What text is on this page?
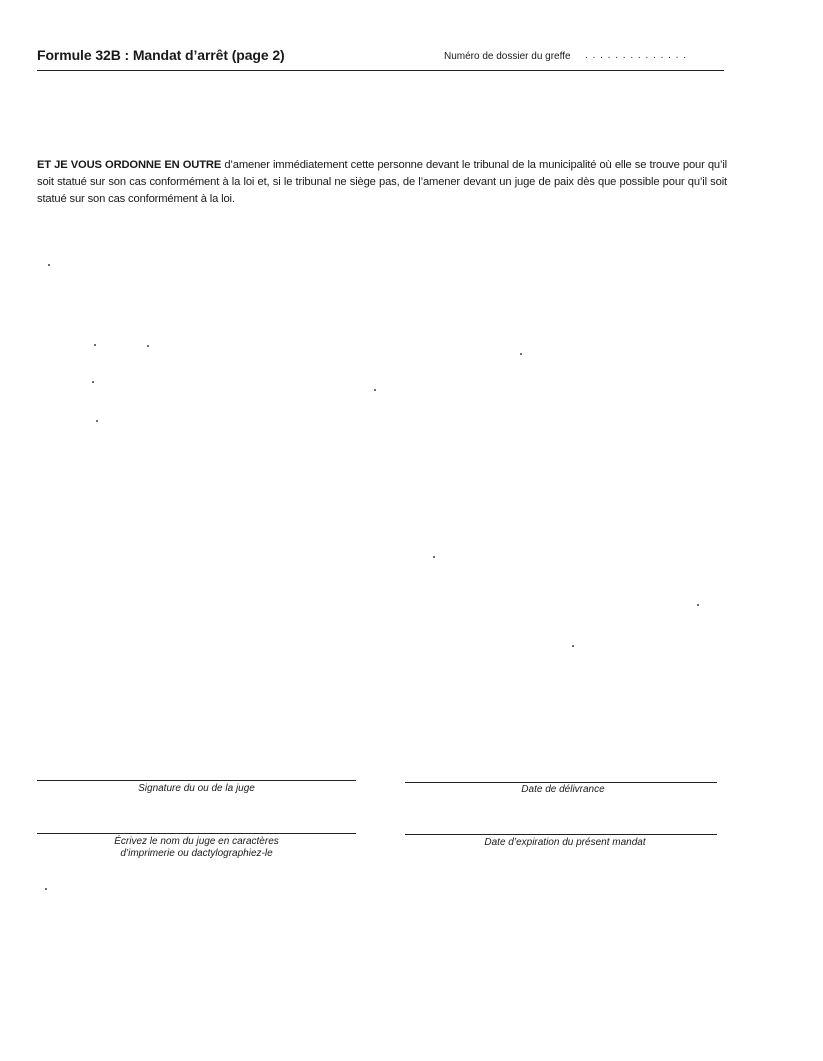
Formule 32B : Mandat d’arrêt (page 2)	Numéro de dossier du greffe . . . . . . . . . . . . . .
ET JE VOUS ORDONNE EN OUTRE d’amener immédiatement cette personne devant le tribunal de la municipalité où elle se trouve pour qu’il soit statué sur son cas conformément à la loi et, si le tribunal ne siège pas, de l’amener devant un juge de paix dès que possible pour qu’il soit statué sur son cas conformément à la loi.
Signature du ou de la juge	Date de délivrance
Écrivez le nom du juge en caractères
d’imprimerie ou dactylographiez-le
Date d’expiration du présent mandat
